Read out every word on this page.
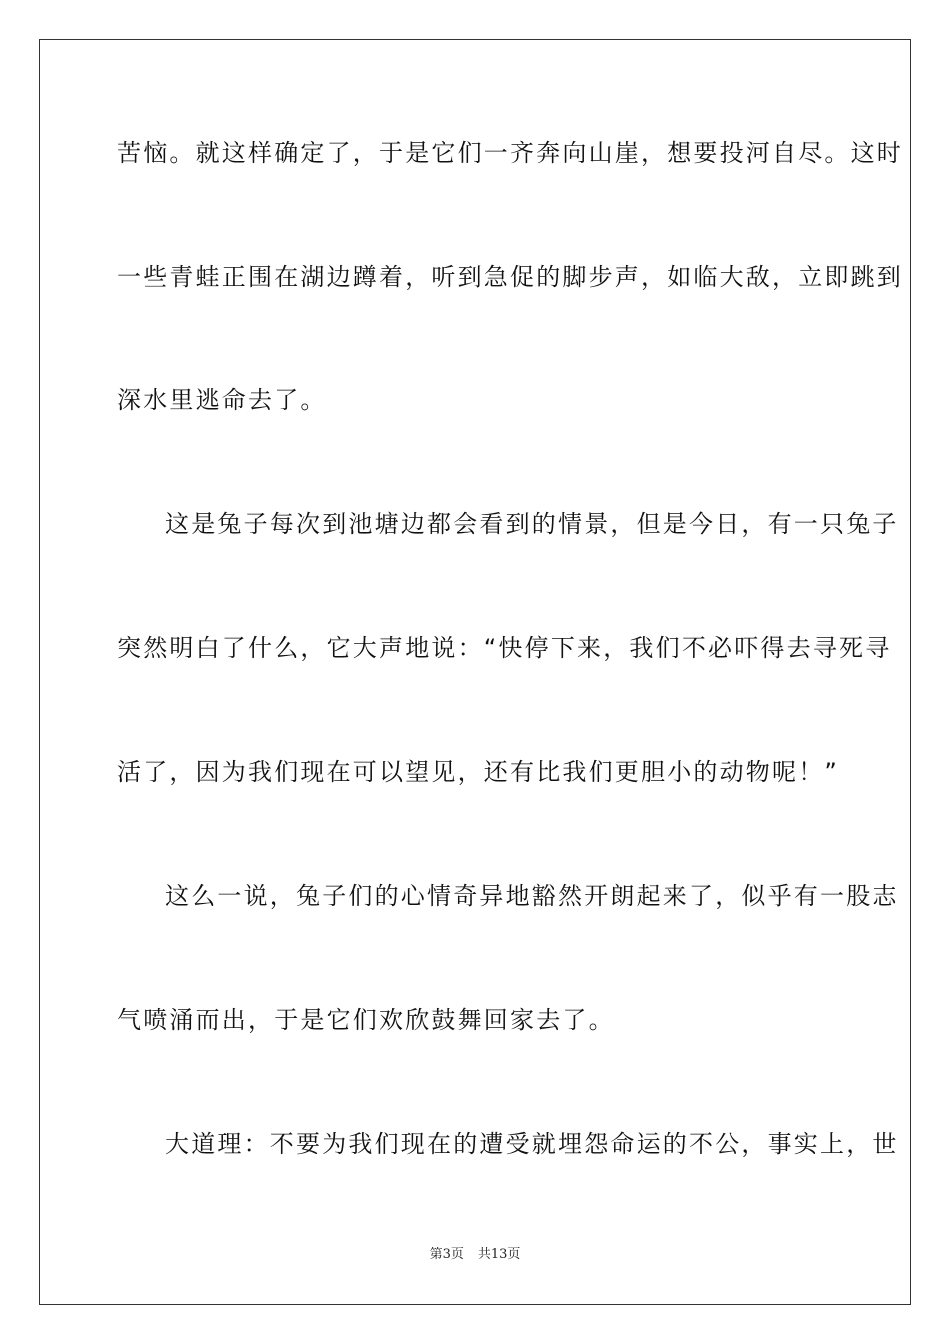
苦恼。就这样确定了，于是它们一齐奔向山崖，想要投河自尽。这时
一些青蛙正围在湖边蹲着，听到急促的脚步声，如临大敌，立即跳到
深水里逃命去了。
这是兔子每次到池塘边都会看到的情景，但是今日，有一只兔子
突然明白了什么，它大声地说：“快停下来，我们不必吓得去寻死寻
活了，因为我们现在可以望见，还有比我们更胆小的动物呢！”
这么一说，兔子们的心情奇异地豁然开朗起来了，似乎有一股志
气喷涌而出，于是它们欢欣鼓舞回家去了。
大道理：不要为我们现在的遭受就埋怨命运的不公，事实上，世
第3页 共13页
